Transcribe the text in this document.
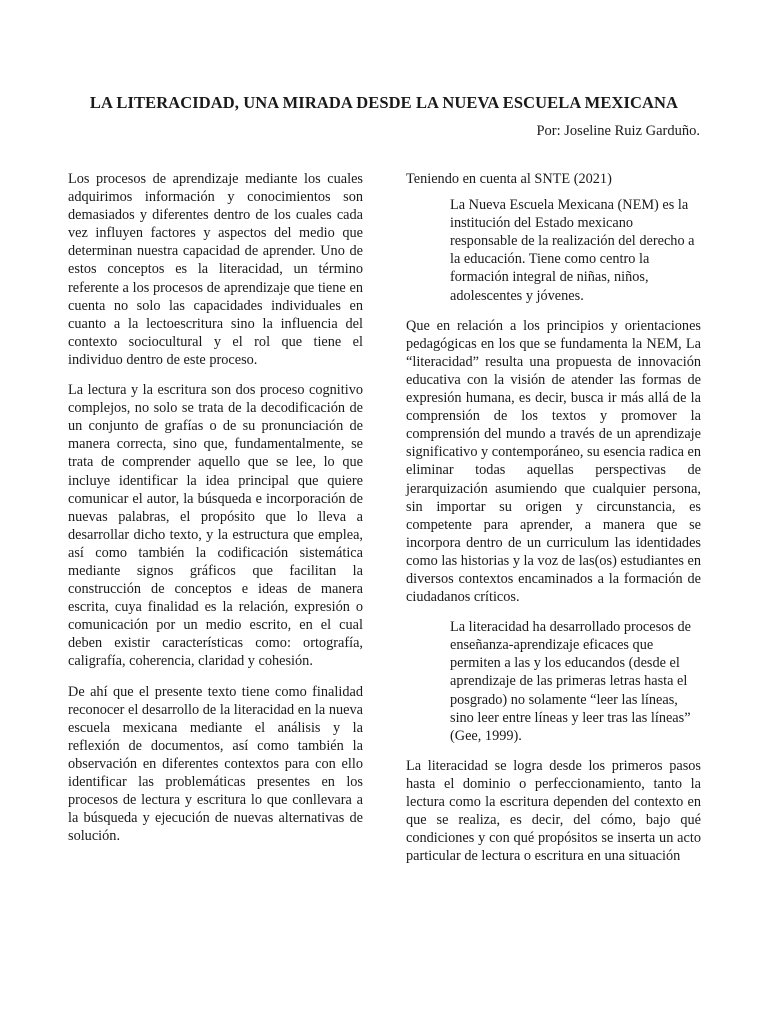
LA LITERACIDAD, UNA MIRADA DESDE LA NUEVA ESCUELA MEXICANA
Por: Joseline Ruiz Garduño.

Los procesos de aprendizaje mediante los cuales adquirimos información y conocimientos son demasiados y diferentes dentro de los cuales cada vez influyen factores y aspectos del medio que determinan nuestra capacidad de aprender. Uno de estos conceptos es la literacidad, un término referente a los procesos de aprendizaje que tiene en cuenta no solo las capacidades individuales en cuanto a la lectoescritura sino la influencia del contexto sociocultural y el rol que tiene el individuo dentro de este proceso.

La lectura y la escritura son dos proceso cognitivo complejos, no solo se trata de la decodificación de un conjunto de grafías o de su pronunciación de manera correcta, sino que, fundamentalmente, se trata de comprender aquello que se lee, lo que incluye identificar la idea principal que quiere comunicar el autor, la búsqueda e incorporación de nuevas palabras, el propósito que lo lleva a desarrollar dicho texto, y la estructura que emplea, así como también la codificación sistemática mediante signos gráficos que facilitan la construcción de conceptos e ideas de manera escrita, cuya finalidad es la relación, expresión o comunicación por un medio escrito, en el cual deben existir características como: ortografía, caligrafía, coherencia, claridad y cohesión.

De ahí que el presente texto tiene como finalidad reconocer el desarrollo de la literacidad en la nueva escuela mexicana mediante el análisis y la reflexión de documentos, así como también la observación en diferentes contextos para con ello identificar las problemáticas presentes en los procesos de lectura y escritura lo que conllevara a la búsqueda y ejecución de nuevas alternativas de solución.

Teniendo en cuenta al SNTE (2021)

La Nueva Escuela Mexicana (NEM) es la institución del Estado mexicano responsable de la realización del derecho a la educación. Tiene como centro la formación integral de niñas, niños, adolescentes y jóvenes.

Que en relación a los principios y orientaciones pedagógicas en los que se fundamenta la NEM, La “literacidad” resulta una propuesta de innovación educativa con la visión de atender las formas de expresión humana, es decir, busca ir más allá de la comprensión de los textos y promover la comprensión del mundo a través de un aprendizaje significativo y contemporáneo, su esencia radica en eliminar todas aquellas perspectivas de jerarquización asumiendo que cualquier persona, sin importar su origen y circunstancia, es competente para aprender, a manera que se incorpora dentro de un curriculum las identidades como las historias y la voz de las(os) estudiantes en diversos contextos encaminados a la formación de ciudadanos críticos.

La literacidad ha desarrollado procesos de enseñanza-aprendizaje eficaces que permiten a las y los educandos (desde el aprendizaje de las primeras letras hasta el posgrado) no solamente “leer las líneas, sino leer entre líneas y leer tras las líneas” (Gee, 1999).

La literacidad se logra desde los primeros pasos hasta el dominio o perfeccionamiento, tanto la lectura como la escritura dependen del contexto en que se realiza, es decir, del cómo, bajo qué condiciones y con qué propósitos se inserta un acto particular de lectura o escritura en una situación
